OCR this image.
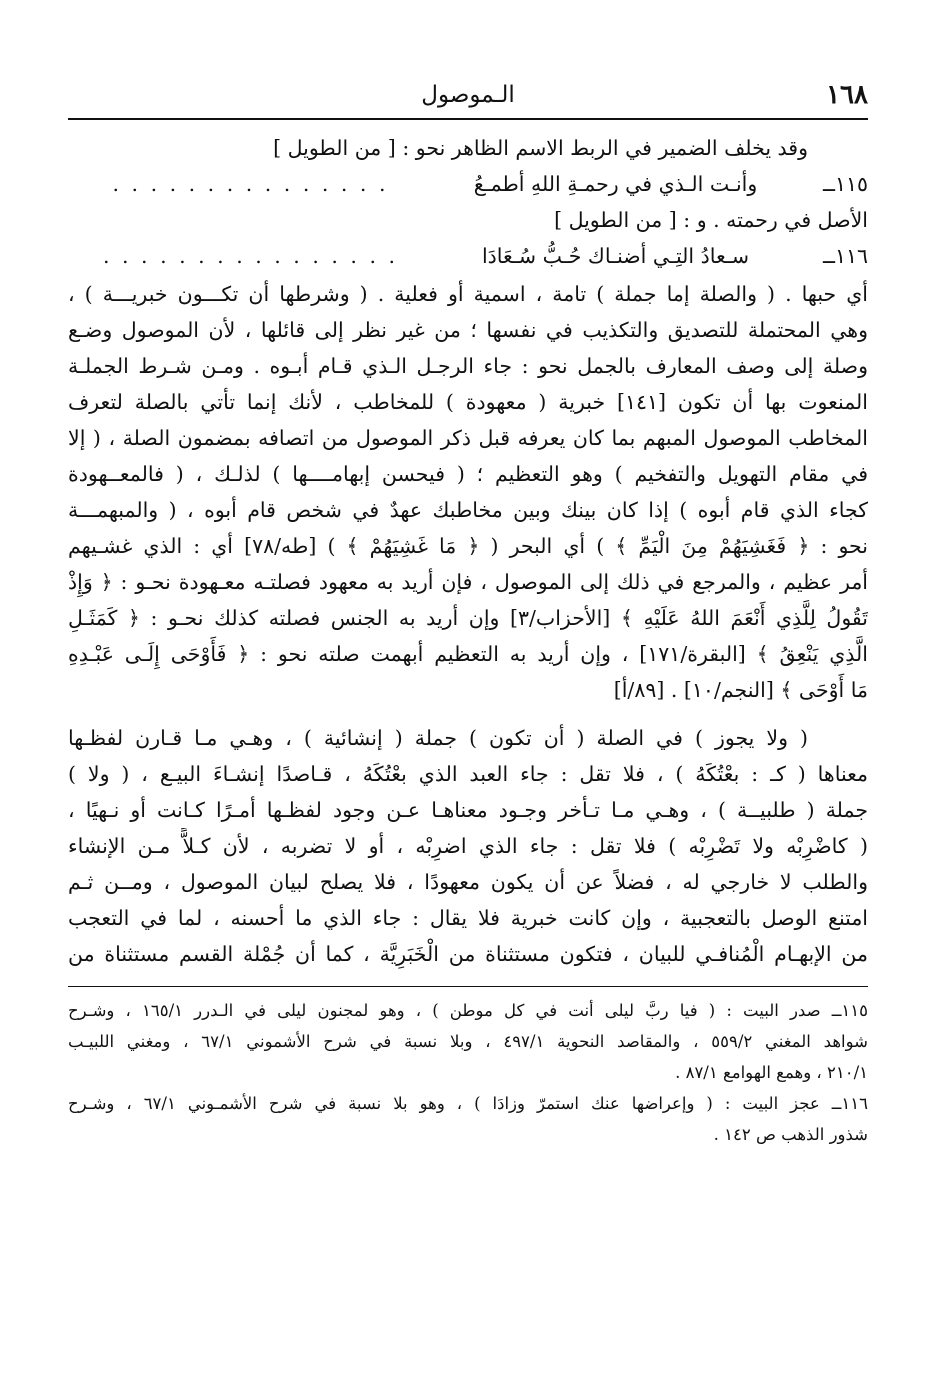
١٦٨
الـموصول
وقد يخلف الضمير في الربط الاسم الظاهر نحو : [ من الطويل ]
١١٥ــ
وأنـت الـذي في رحمـةِ اللهِ أطمـعُ
. . . . . . . . . . . . . . .
الأصل في رحمته . و : [ من الطويل ]
١١٦ــ
سـعادُ التِـي أضنـاك حُـبُّ سُـعَادَا
. . . . . . . . . . . . . . . .
أي حبها . ( والصلة إما جملة ) تامة ، اسمية أو فعلية . ( وشرطها أن تكـــون خبريـــة ) ،
وهي المحتملة للتصديق والتكذيب في نفسها ؛ من غير نظر إلى قائلها ، لأن الموصول وضـع
وصلة إلى وصف المعارف بالجمل نحو : جاء الرجـل الـذي قـام أبـوه . ومـن شـرط الجملـة
المنعوت بها أن تكون [١٤١] خبرية ( معهودة ) للمخاطب ، لأنك إنما تأتي بالصلة لتعرف
المخاطب الموصول المبهم بما كان يعرفه قبل ذكر الموصول من اتصافه بمضمون الصلة ، ( إلا
في مقام التهويل والتفخيم ) وهو التعظيم ؛ ( فيحسن إبهامــــها ) لذلـك ، ( فالمعــهودة
كجاء الذي قام أبوه ) إذا كان بينك وبين مخاطبك عهدٌ في شخص قام أبوه ، ( والمبهمـــة
نحو : ﴿ فَغَشِيَهُمْ مِنَ الْيَمِّ ﴾ ) أي البحر ( ﴿ مَا غَشِيَهُمْ ﴾ ) [طه/٧٨] أي : الذي غشـيهم
أمر عظيم ، والمرجع في ذلك إلى الموصول ، فإن أريد به معهود فصلتـه معـهودة نحـو : ﴿ وَإِذْ
تَقُولُ لِلَّذِي أَنْعَمَ اللهُ عَلَيْهِ ﴾ [الأحزاب/٣] وإن أريد به الجنس فصلته كذلك نحـو : ﴿ كَمَثَـلِ
الَّذِي يَنْعِقُ ﴾ [البقرة/١٧١] ، وإن أريد به التعظيم أبهمت صلته نحو : ﴿ فَأَوْحَى إِلَـى عَبْـدِهِ
مَا أَوْحَى ﴾ [النجم/١٠] . [٨٩/أ]
( ولا يجوز ) في الصلة ( أن تكون ) جملة ( إنشائية ) ، وهـي مـا قـارن لفظـها
معناها ( كـ : بعْتُكَهُ ) ، فلا تقل : جاء العبد الذي بعْتُكَهُ ، قـاصدًا إنشـاءَ البيـع ، ( ولا )
جملة ( طلبيــة ) ، وهـي مـا تـأخر وجـود معناهـا عـن وجود لفظـها أمـرًا كـانت أو نـهيًا ،
( كاضْرِبْه ولا تَضْرِبْه ) فلا تقل : جاء الذي اضرِبْه ، أو لا تضربه ، لأن كـلاًّ مـن الإنشاء
والطلب لا خارجي له ، فضلاً عن أن يكون معهودًا ، فلا يصلح لبيان الموصول ، ومــن ثـم
امتنع الوصل بالتعجبية ، وإن كانت خبرية فلا يقال : جاء الذي ما أحسنه ، لما في التعجب
من الإبهـام الْمُنافـي للبيان ، فتكون مستثناة من الْخَبَرِيَّة ، كما أن جُمْلة القسم مستثناة من
١١٥ــ صدر البيت : ( فيا ربَّ ليلى أنت في كل موطن ) ، وهو لمجنون ليلى في الـدرر ١٦٥/١ ، وشـرح
شواهد المغني ٥٥٩/٢ ، والمقاصد النحوية ٤٩٧/١ ، وبلا نسبة في شرح الأشموني ٦٧/١ ، ومغني اللبيـب
٢١٠/١ ، وهمع الهوامع ٨٧/١ .
١١٦ــ عجز البيت : ( وإعراضها عنك استمرّ وزادَا ) ، وهو بلا نسبة في شرح الأشمـوني ٦٧/١ ، وشـرح
شذور الذهب ص ١٤٢ .
